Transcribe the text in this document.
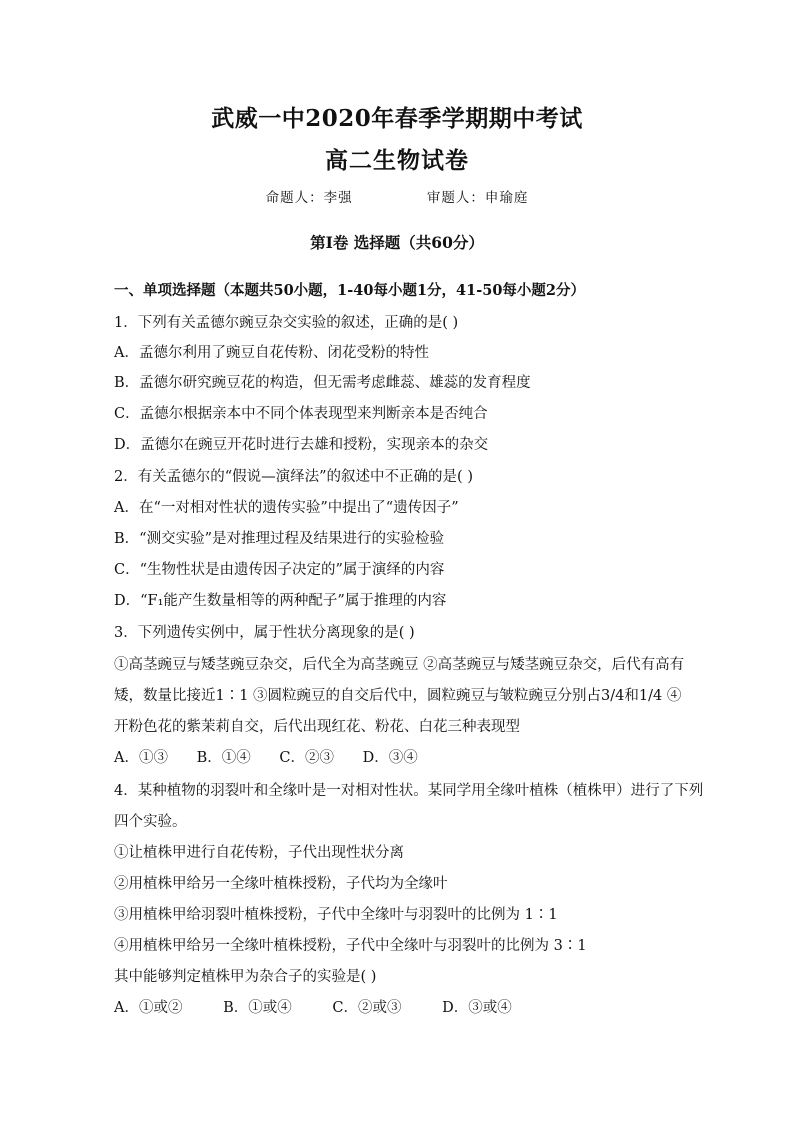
武威一中2020年春季学期期中考试
高二生物试卷
命题人：李强	审题人：申瑜庭
第Ⅰ卷 选择题（共60分）
一、单项选择题（本题共50小题，1-40每小题1分，41-50每小题2分）
1．下列有关孟德尔豌豆杂交实验的叙述，正确的是( )
A．孟德尔利用了豌豆自花传粉、闭花受粉的特性
B．孟德尔研究豌豆花的构造，但无需考虑雌蕊、雄蕊的发育程度
C．孟德尔根据亲本中不同个体表现型来判断亲本是否纯合
D．孟德尔在豌豆开花时进行去雄和授粉，实现亲本的杂交
2．有关孟德尔的“假说—演绎法”的叙述中不正确的是( )
A．在“一对相对性状的遗传实验”中提出了“遗传因子”
B．“测交实验”是对推理过程及结果进行的实验检验
C．“生物性状是由遗传因子决定的”属于演绎的内容
D．“F₁能产生数量相等的两种配子”属于推理的内容
3．下列遗传实例中，属于性状分离现象的是( )
①高茎豌豆与矮茎豌豆杂交，后代全为高茎豌豆 ②高茎豌豆与矮茎豌豆杂交，后代有高有
矮，数量比接近1∶1 ③圆粒豌豆的自交后代中，圆粒豌豆与皱粒豌豆分别占3/4和1/4 ④
开粉色花的紫茉莉自交，后代出现红花、粉花、白花三种表现型
A．①③ B．①④ C．②③ D．③④
4．某种植物的羽裂叶和全缘叶是一对相对性状。某同学用全缘叶植株（植株甲）进行了下列
四个实验。
①让植株甲进行自花传粉，子代出现性状分离
②用植株甲给另一全缘叶植株授粉，子代均为全缘叶
③用植株甲给羽裂叶植株授粉，子代中全缘叶与羽裂叶的比例为 1∶1
④用植株甲给另一全缘叶植株授粉，子代中全缘叶与羽裂叶的比例为 3∶1
其中能够判定植株甲为杂合子的实验是( )
A．①或②	B．①或④	C．②或③	D．③或④
